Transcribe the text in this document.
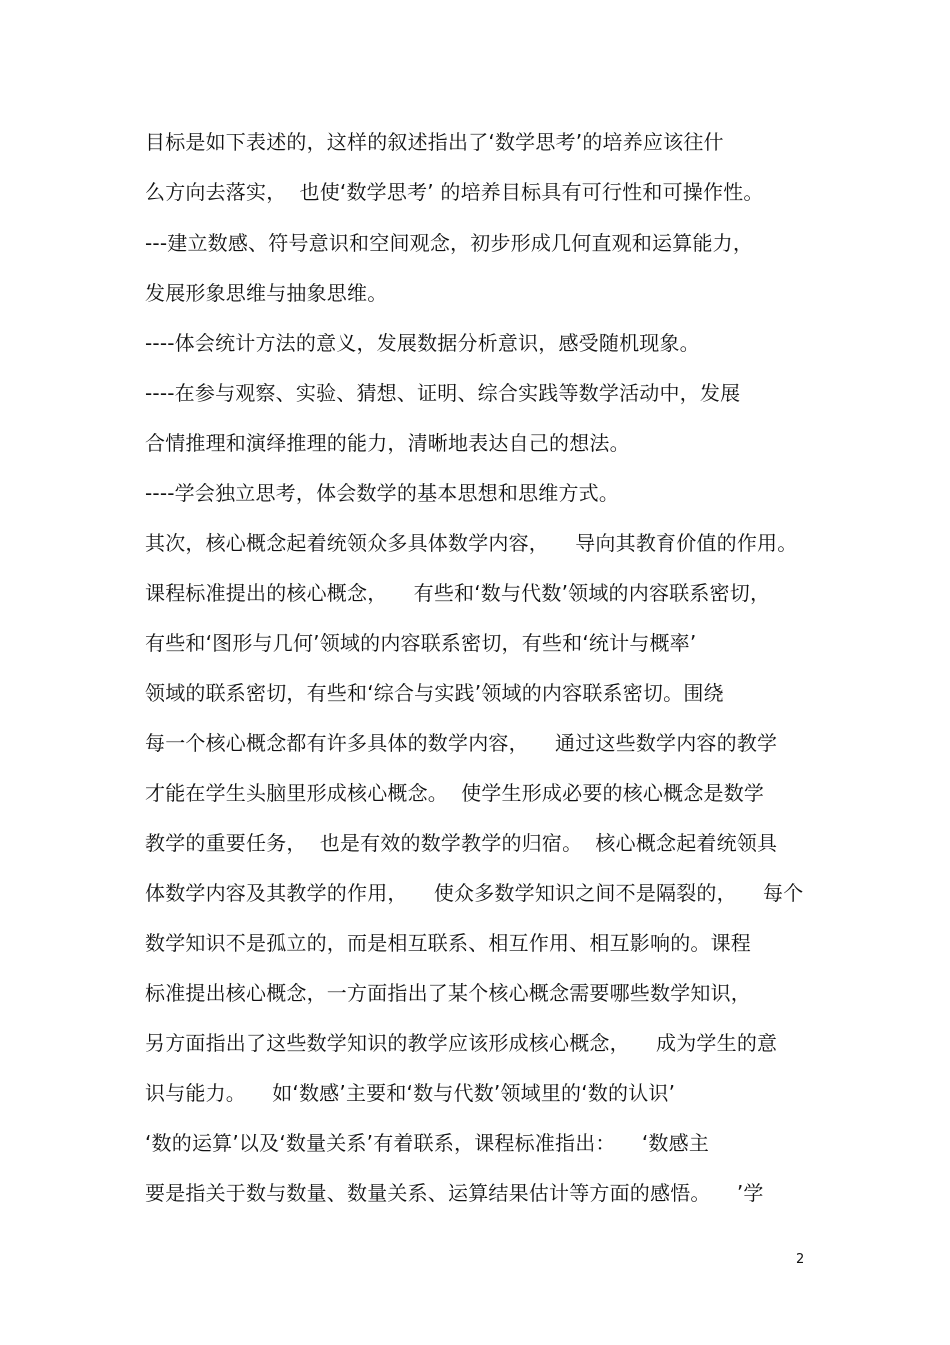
目标是如下表述的，这样的叙述指出了‘数学思考’的培养应该往什
么方向去落实，  也使‘数学思考’ 的培养目标具有可行性和可操作性。
---建立数感、符号意识和空间观念，初步形成几何直观和运算能力，
发展形象思维与抽象思维。
----体会统计方法的意义，发展数据分析意识，感受随机现象。
----在参与观察、实验、猜想、证明、综合实践等数学活动中，发展
合情推理和演绎推理的能力，清晰地表达自己的想法。
----学会独立思考，体会数学的基本思想和思维方式。
其次，核心概念起着统领众多具体数学内容，    导向其教育价值的作用。
课程标准提出的核心概念，    有些和‘数与代数’领域的内容联系密切，
有些和‘图形与几何’领域的内容联系密切，有些和‘统计与概率’
领域的联系密切，有些和‘综合与实践’领域的内容联系密切。围绕
每一个核心概念都有许多具体的数学内容，    通过这些数学内容的教学
才能在学生头脑里形成核心概念。  使学生形成必要的核心概念是数学
教学的重要任务，  也是有效的数学教学的归宿。  核心概念起着统领具
体数学内容及其教学的作用，    使众多数学知识之间不是隔裂的，    每个
数学知识不是孤立的，而是相互联系、相互作用、相互影响的。课程
标准提出核心概念，一方面指出了某个核心概念需要哪些数学知识，
另方面指出了这些数学知识的教学应该形成核心概念，    成为学生的意
识与能力。    如‘数感’主要和‘数与代数’领域里的‘数的认识’
‘数的运算’以及‘数量关系’有着联系，课程标准指出：    ‘数感主
要是指关于数与数量、数量关系、运算结果估计等方面的感悟。    ’学
2
